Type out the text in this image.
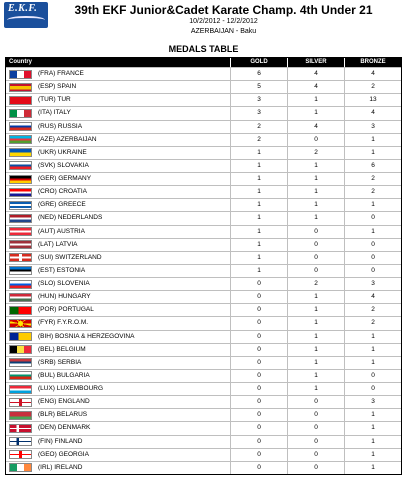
E.K.F.	39th EKF Junior&Cadet Karate Champ. 4th Under 21
10/2/2012 - 12/2/2012
AZERBAIJAN - Baku
MEDALS TABLE
Country	GOLD	SILVER	BRONZE
(FRA) FRANCE	6	4	4
(ESP) SPAIN	5	4	2
(TUR) TUR	3	1	13
(ITA) ITALY	3	1	4
(RUS) RUSSIA	2	4	3
(AZE) AZERBAIJAN	2	0	1
(UKR) UKRAINE	1	2	1
(SVK) SLOVAKIA	1	1	6
(GER) GERMANY	1	1	2
(CRO) CROATIA	1	1	2
(GRE) GREECE	1	1	1
(NED) NEDERLANDS	1	1	0
(AUT) AUSTRIA	1	0	1
(LAT) LATVIA	1	0	0
(SUI) SWITZERLAND	1	0	0
(EST) ESTONIA	1	0	0
(SLO) SLOVENIA	0	2	3
(HUN) HUNGARY	0	1	4
(POR) PORTUGAL	0	1	2
(FYR) F.Y.R.O.M.	0	1	2
(BIH) BOSNIA & HERZEGOVINA	0	1	1
(BEL) BELGIUM	0	1	1
(SRB) SERBIA	0	1	1
(BUL) BULGARIA	0	1	0
(LUX) LUXEMBOURG	0	1	0
(ENG) ENGLAND	0	0	3
(BLR) BELARUS	0	0	1
(DEN) DENMARK	0	0	1
(FIN) FINLAND	0	0	1
(GEO) GEORGIA	0	0	1
(IRL) IRELAND	0	0	1
